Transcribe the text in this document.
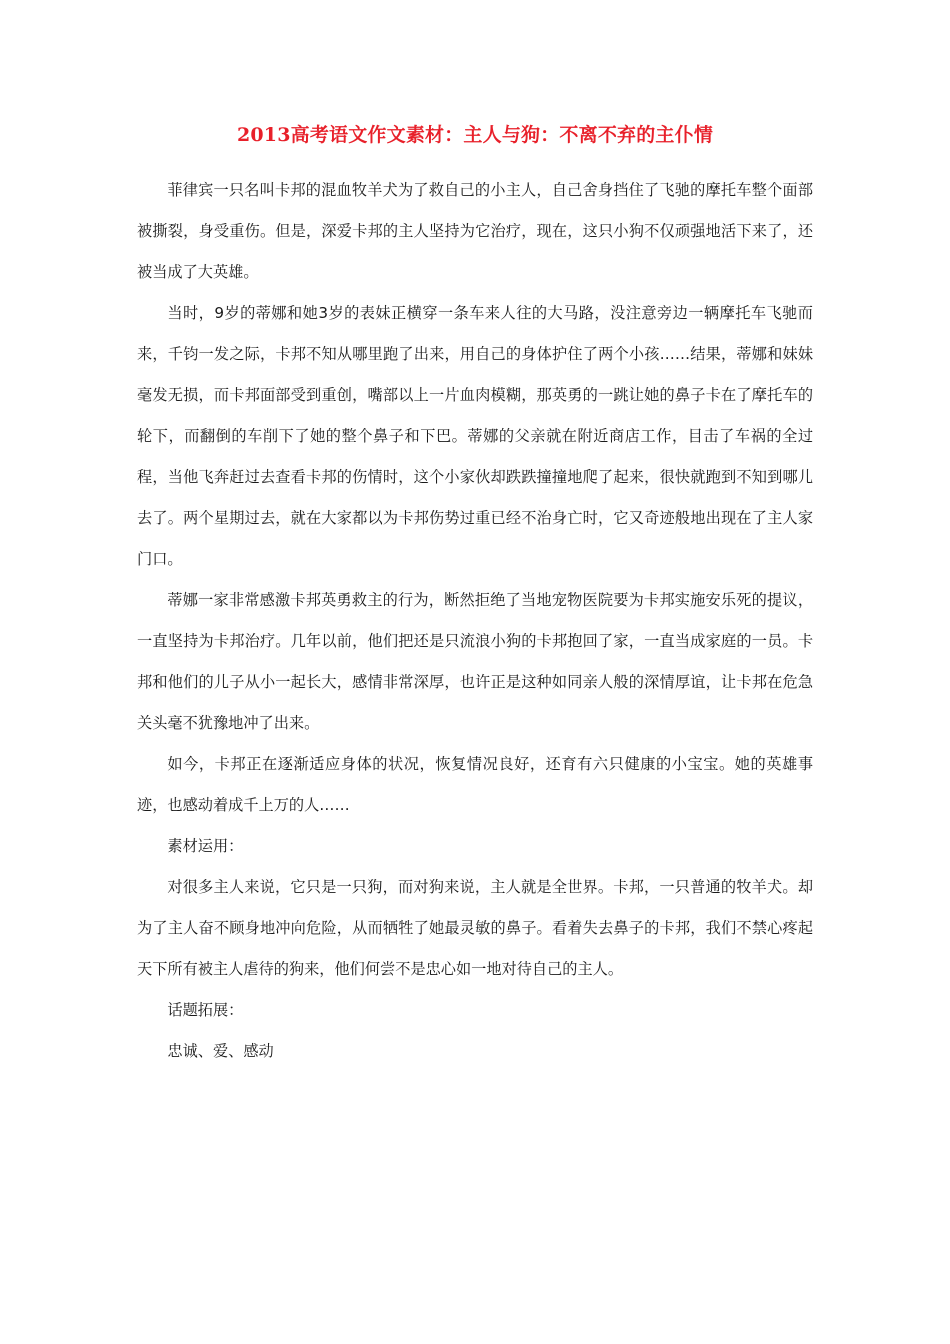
2013高考语文作文素材：主人与狗：不离不弃的主仆情

菲律宾一只名叫卡邦的混血牧羊犬为了救自己的小主人，自己舍身挡住了飞驰的摩托车整个面部被撕裂，身受重伤。但是，深爱卡邦的主人坚持为它治疗，现在，这只小狗不仅顽强地活下来了，还被当成了大英雄。

当时，9岁的蒂娜和她3岁的表妹正横穿一条车来人往的大马路，没注意旁边一辆摩托车飞驰而来，千钧一发之际，卡邦不知从哪里跑了出来，用自己的身体护住了两个小孩……结果，蒂娜和妹妹毫发无损，而卡邦面部受到重创，嘴部以上一片血肉模糊，那英勇的一跳让她的鼻子卡在了摩托车的轮下，而翻倒的车削下了她的整个鼻子和下巴。蒂娜的父亲就在附近商店工作，目击了车祸的全过程，当他飞奔赶过去查看卡邦的伤情时，这个小家伙却跌跌撞撞地爬了起来，很快就跑到不知到哪儿去了。两个星期过去，就在大家都以为卡邦伤势过重已经不治身亡时，它又奇迹般地出现在了主人家门口。

蒂娜一家非常感激卡邦英勇救主的行为，断然拒绝了当地宠物医院要为卡邦实施安乐死的提议，一直坚持为卡邦治疗。几年以前，他们把还是只流浪小狗的卡邦抱回了家，一直当成家庭的一员。卡邦和他们的儿子从小一起长大，感情非常深厚，也许正是这种如同亲人般的深情厚谊，让卡邦在危急关头毫不犹豫地冲了出来。

如今，卡邦正在逐渐适应身体的状况，恢复情况良好，还育有六只健康的小宝宝。她的英雄事迹，也感动着成千上万的人……

素材运用：

对很多主人来说，它只是一只狗，而对狗来说，主人就是全世界。卡邦，一只普通的牧羊犬。却为了主人奋不顾身地冲向危险，从而牺牲了她最灵敏的鼻子。看着失去鼻子的卡邦，我们不禁心疼起天下所有被主人虐待的狗来，他们何尝不是忠心如一地对待自己的主人。

话题拓展：

忠诚、爱、感动
